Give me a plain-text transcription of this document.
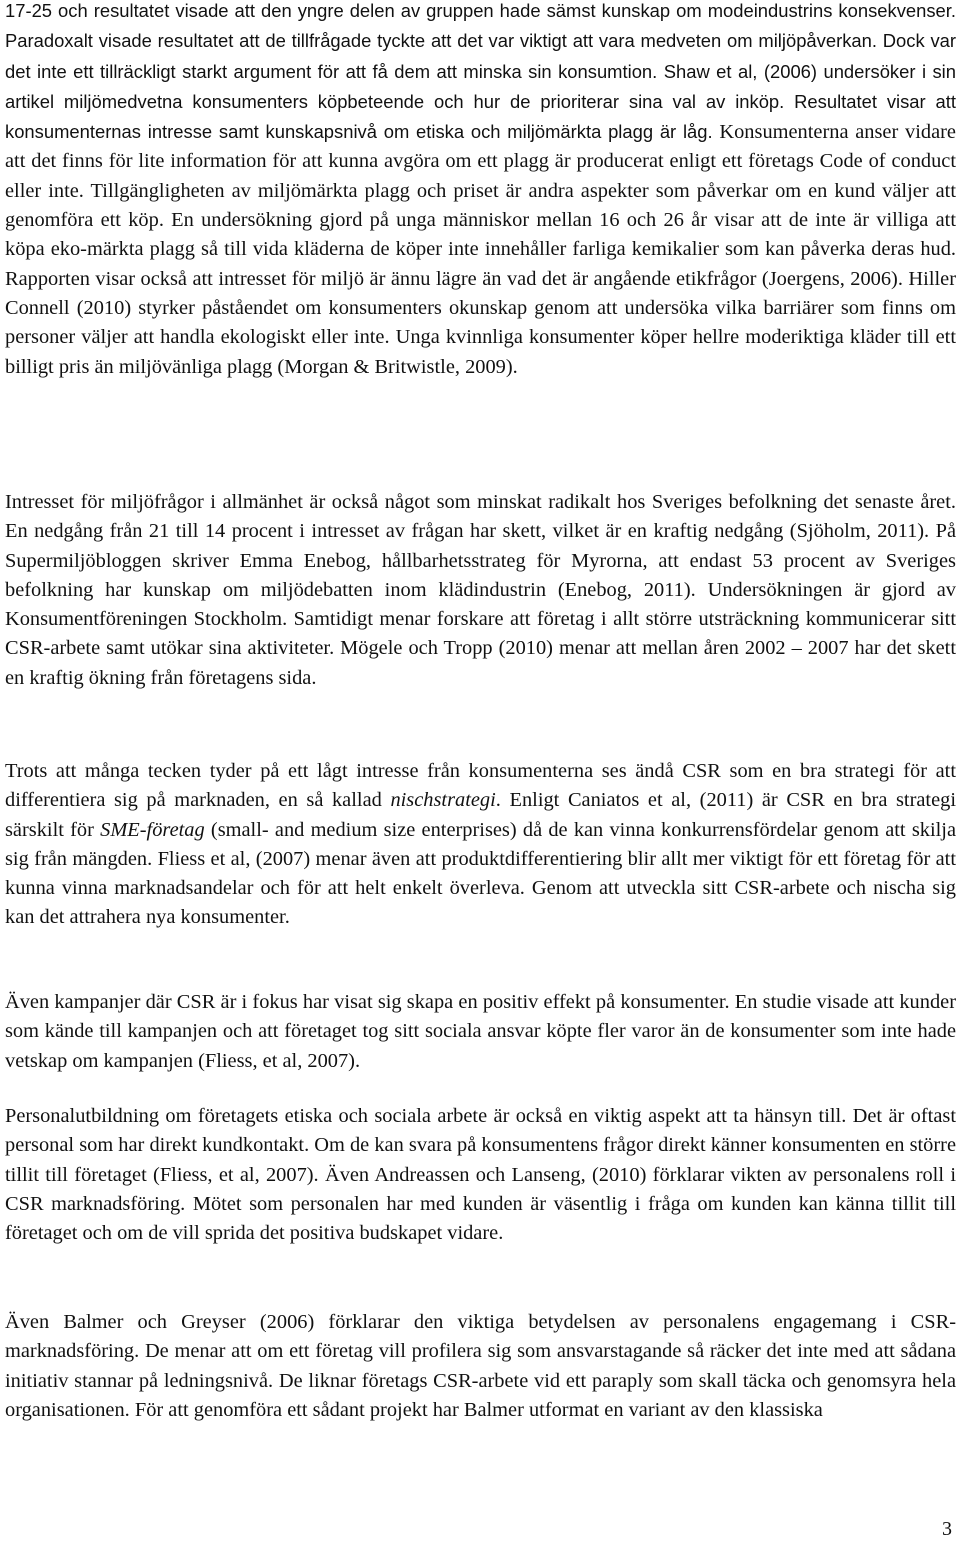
17-25 och resultatet visade att den yngre delen av gruppen hade sämst kunskap om modeindustrins konsekvenser. Paradoxalt visade resultatet att de tillfrågade tyckte att det var viktigt att vara medveten om miljöpåverkan. Dock var det inte ett tillräckligt starkt argument för att få dem att minska sin konsumtion. Shaw et al, (2006) undersöker i sin artikel miljömedvetna konsumenters köpbeteende och hur de prioriterar sina val av inköp. Resultatet visar att konsumenternas intresse samt kunskapsnivå om etiska och miljömärkta plagg är låg. Konsumenterna anser vidare att det finns för lite information för att kunna avgöra om ett plagg är producerat enligt ett företags Code of conduct eller inte. Tillgängligheten av miljömärkta plagg och priset är andra aspekter som påverkar om en kund väljer att genomföra ett köp. En undersökning gjord på unga människor mellan 16 och 26 år visar att de inte är villiga att köpa eko-märkta plagg så till vida kläderna de köper inte innehåller farliga kemikalier som kan påverka deras hud. Rapporten visar också att intresset för miljö är ännu lägre än vad det är angående etikfrågor (Joergens, 2006). Hiller Connell (2010) styrker påståendet om konsumenters okunskap genom att undersöka vilka barriärer som finns om personer väljer att handla ekologiskt eller inte. Unga kvinnliga konsumenter köper hellre moderiktiga kläder till ett billigt pris än miljövänliga plagg (Morgan & Britwistle, 2009).

Intresset för miljöfrågor i allmänhet är också något som minskat radikalt hos Sveriges befolkning det senaste året. En nedgång från 21 till 14 procent i intresset av frågan har skett, vilket är en kraftig nedgång (Sjöholm, 2011). På Supermiljöbloggen skriver Emma Enebog, hållbarhetsstrateg för Myrorna, att endast 53 procent av Sveriges befolkning har kunskap om miljödebatten inom klädindustrin (Enebog, 2011). Undersökningen är gjord av Konsumentföreningen Stockholm. Samtidigt menar forskare att företag i allt större utsträckning kommunicerar sitt CSR-arbete samt utökar sina aktiviteter. Mögele och Tropp (2010) menar att mellan åren 2002 – 2007 har det skett en kraftig ökning från företagens sida.

Trots att många tecken tyder på ett lågt intresse från konsumenterna ses ändå CSR som en bra strategi för att differentiera sig på marknaden, en så kallad nischstrategi. Enligt Caniatos et al, (2011) är CSR en bra strategi särskilt för SME-företag (small- and medium size enterprises) då de kan vinna konkurrensfördelar genom att skilja sig från mängden. Fliess et al, (2007) menar även att produktdifferentiering blir allt mer viktigt för ett företag för att kunna vinna marknadsandelar och för att helt enkelt överleva. Genom att utveckla sitt CSR-arbete och nischa sig kan det attrahera nya konsumenter.

Även kampanjer där CSR är i fokus har visat sig skapa en positiv effekt på konsumenter. En studie visade att kunder som kände till kampanjen och att företaget tog sitt sociala ansvar köpte fler varor än de konsumenter som inte hade vetskap om kampanjen (Fliess, et al, 2007).

Personalutbildning om företagets etiska och sociala arbete är också en viktig aspekt att ta hänsyn till. Det är oftast personal som har direkt kundkontakt. Om de kan svara på konsumentens frågor direkt känner konsumenten en större tillit till företaget (Fliess, et al, 2007). Även Andreassen och Lanseng, (2010) förklarar vikten av personalens roll i CSR marknadsföring. Mötet som personalen har med kunden är väsentlig i fråga om kunden kan känna tillit till företaget och om de vill sprida det positiva budskapet vidare.

Även Balmer och Greyser (2006) förklarar den viktiga betydelsen av personalens engagemang i CSR-marknadsföring. De menar att om ett företag vill profilera sig som ansvarstagande så räcker det inte med att sådana initiativ stannar på ledningsnivå. De liknar företags CSR-arbete vid ett paraply som skall täcka och genomsyra hela organisationen. För att genomföra ett sådant projekt har Balmer utformat en variant av den klassiska

3
